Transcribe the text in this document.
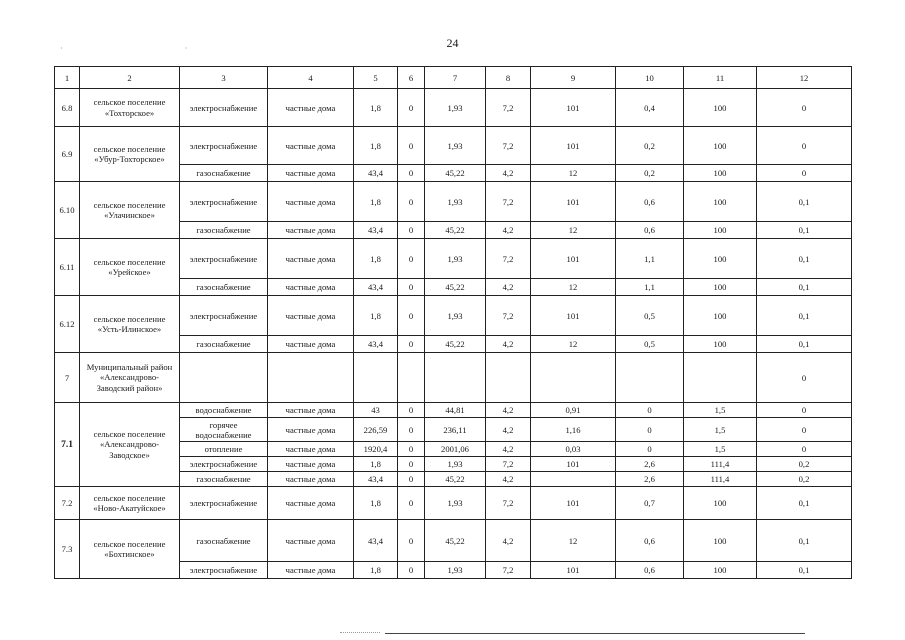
24
· ·
1	2	3	4	5	6	7	8	9	10	11	12
6.8	сельское поселение «Тохторское»	электроснабжение	частные дома	1,8	0	1,93	7,2	101	0,4	100	0
6.9	сельское поселение «Убур-Тохторское»	электроснабжение	частные дома	1,8	0	1,93	7,2	101	0,2	100	0
		газоснабжение	частные дома	43,4	0	45,22	4,2	12	0,2	100	0
6.10	сельское поселение «Улачинское»	электроснабжение	частные дома	1,8	0	1,93	7,2	101	0,6	100	0,1
		газоснабжение	частные дома	43,4	0	45,22	4,2	12	0,6	100	0,1
6.11	сельское поселение «Урейское»	электроснабжение	частные дома	1,8	0	1,93	7,2	101	1,1	100	0,1
		газоснабжение	частные дома	43,4	0	45,22	4,2	12	1,1	100	0,1
6.12	сельское поселение «Усть-Илинское»	электроснабжение	частные дома	1,8	0	1,93	7,2	101	0,5	100	0,1
		газоснабжение	частные дома	43,4	0	45,22	4,2	12	0,5	100	0,1
7	Муниципальный район «Александрово-Заводский район»										0
7.1	сельское поселение «Александрово-Заводское»	водоснабжение	частные дома	43	0	44,81	4,2	0,91	0	1,5	0
		горячее водоснабжение	частные дома	226,59	0	236,11	4,2	1,16	0	1,5	0
		отопление	частные дома	1920,4	0	2001,06	4,2	0,03	0	1,5	0
		электроснабжение	частные дома	1,8	0	1,93	7,2	101	2,6	111,4	0,2
		газоснабжение	частные дома	43,4	0	45,22	4,2		2,6	111,4	0,2
7.2	сельское поселение «Ново-Акатуйское»	электроснабжение	частные дома	1,8	0	1,93	7,2	101	0,7	100	0,1
7.3	сельское поселение «Бохтинское»	газоснабжение	частные дома	43,4	0	45,22	4,2	12	0,6	100	0,1
		электроснабжение	частные дома	1,8	0	1,93	7,2	101	0,6	100	0,1
